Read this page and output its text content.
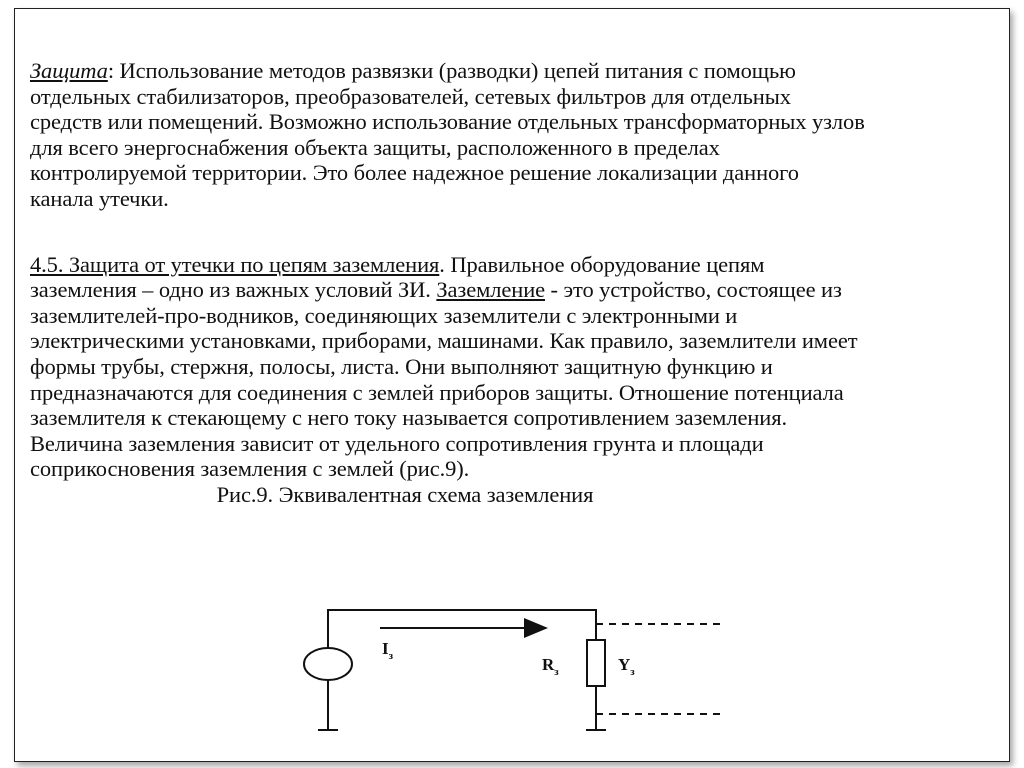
Защита: Использование методов развязки (разводки) цепей питания с помощью

отдельных стабилизаторов, преобразователей, сетевых фильтров для отдельных

средств или помещений. Возможно использование отдельных трансформаторных узлов

для всего энергоснабжения объекта защиты, расположенного в пределах

контролируемой территории. Это более надежное решение локализации данного

канала утечки.

4.5. Защита от утечки по цепям заземления. Правильное оборудование цепям

заземления – одно из важных условий ЗИ. Заземление - это устройство, состоящее из

заземлителей-про-водников, соединяющих заземлители с электронными и

электрическими установками, приборами, машинами. Как правило, заземлители имеет

формы трубы, стержня, полосы, листа. Они выполняют защитную функцию и

предназначаются для соединения с землей приборов защиты. Отношение потенциала

заземлителя к стекающему с него току называется сопротивлением заземления.

Величина заземления зависит от удельного сопротивления грунта и площади

соприкосновения заземления с землей (рис.9).

Рис.9. Эквивалентная схема заземления

$I_з$	$R_з$	$Y_з$
